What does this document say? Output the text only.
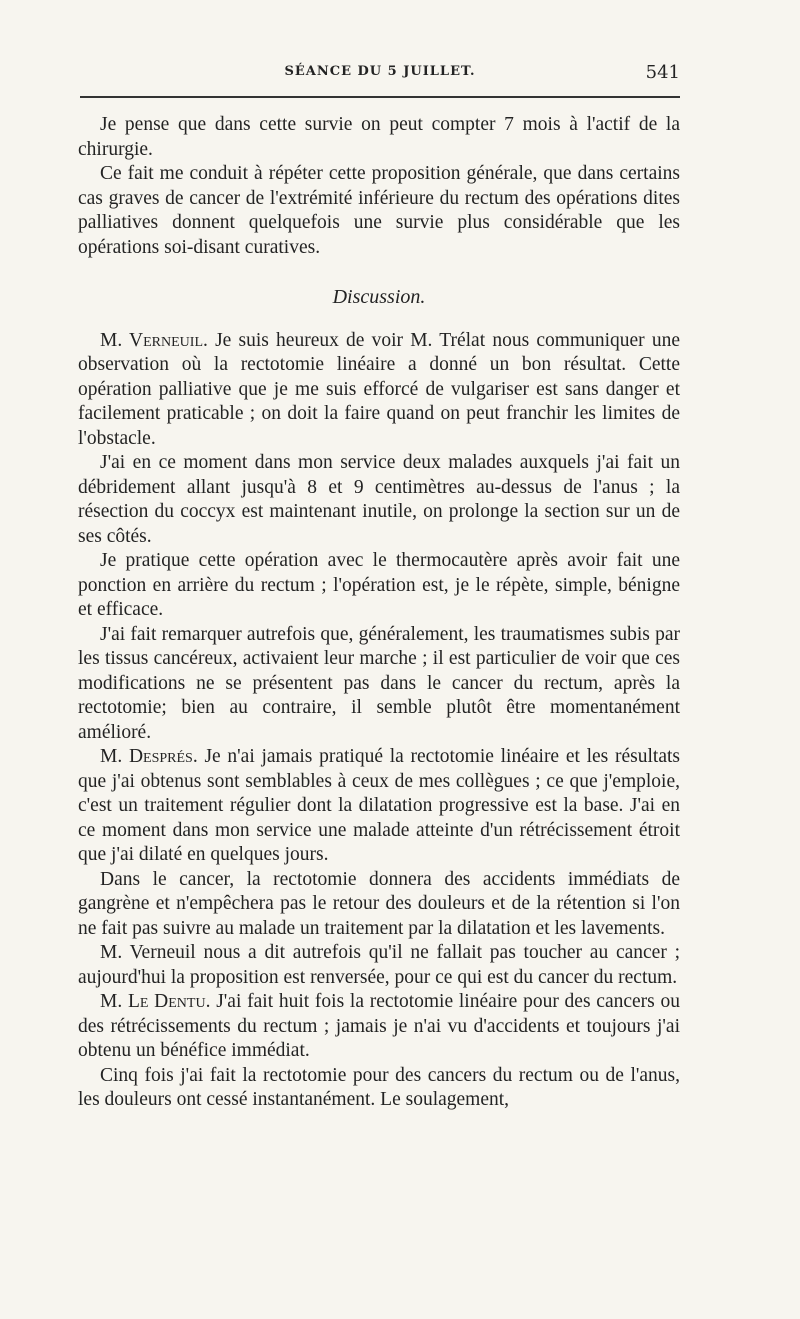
SÉANCE DU 5 JUILLET.	541

Je pense que dans cette survie on peut compter 7 mois à l'actif de la chirurgie.

Ce fait me conduit à répéter cette proposition générale, que dans certains cas graves de cancer de l'extrémité inférieure du rectum des opérations dites palliatives donnent quelquefois une survie plus considérable que les opérations soi-disant curatives.

Discussion.

M. Verneuil. Je suis heureux de voir M. Trélat nous communiquer une observation où la rectotomie linéaire a donné un bon résultat. Cette opération palliative que je me suis efforcé de vulgariser est sans danger et facilement praticable ; on doit la faire quand on peut franchir les limites de l'obstacle.

J'ai en ce moment dans mon service deux malades auxquels j'ai fait un débridement allant jusqu'à 8 et 9 centimètres au-dessus de l'anus ; la résection du coccyx est maintenant inutile, on prolonge la section sur un de ses côtés.

Je pratique cette opération avec le thermocautère après avoir fait une ponction en arrière du rectum ; l'opération est, je le répète, simple, bénigne et efficace.

J'ai fait remarquer autrefois que, généralement, les traumatismes subis par les tissus cancéreux, activaient leur marche ; il est particulier de voir que ces modifications ne se présentent pas dans le cancer du rectum, après la rectotomie; bien au contraire, il semble plutôt être momentanément amélioré.

M. Després. Je n'ai jamais pratiqué la rectotomie linéaire et les résultats que j'ai obtenus sont semblables à ceux de mes collègues ; ce que j'emploie, c'est un traitement régulier dont la dilatation progressive est la base. J'ai en ce moment dans mon service une malade atteinte d'un rétrécissement étroit que j'ai dilaté en quelques jours.

Dans le cancer, la rectotomie donnera des accidents immédiats de gangrène et n'empêchera pas le retour des douleurs et de la rétention si l'on ne fait pas suivre au malade un traitement par la dilatation et les lavements.

M. Verneuil nous a dit autrefois qu'il ne fallait pas toucher au cancer ; aujourd'hui la proposition est renversée, pour ce qui est du cancer du rectum.

M. Le Dentu. J'ai fait huit fois la rectotomie linéaire pour des cancers ou des rétrécissements du rectum ; jamais je n'ai vu d'accidents et toujours j'ai obtenu un bénéfice immédiat.

Cinq fois j'ai fait la rectotomie pour des cancers du rectum ou de l'anus, les douleurs ont cessé instantanément. Le soulagement,
